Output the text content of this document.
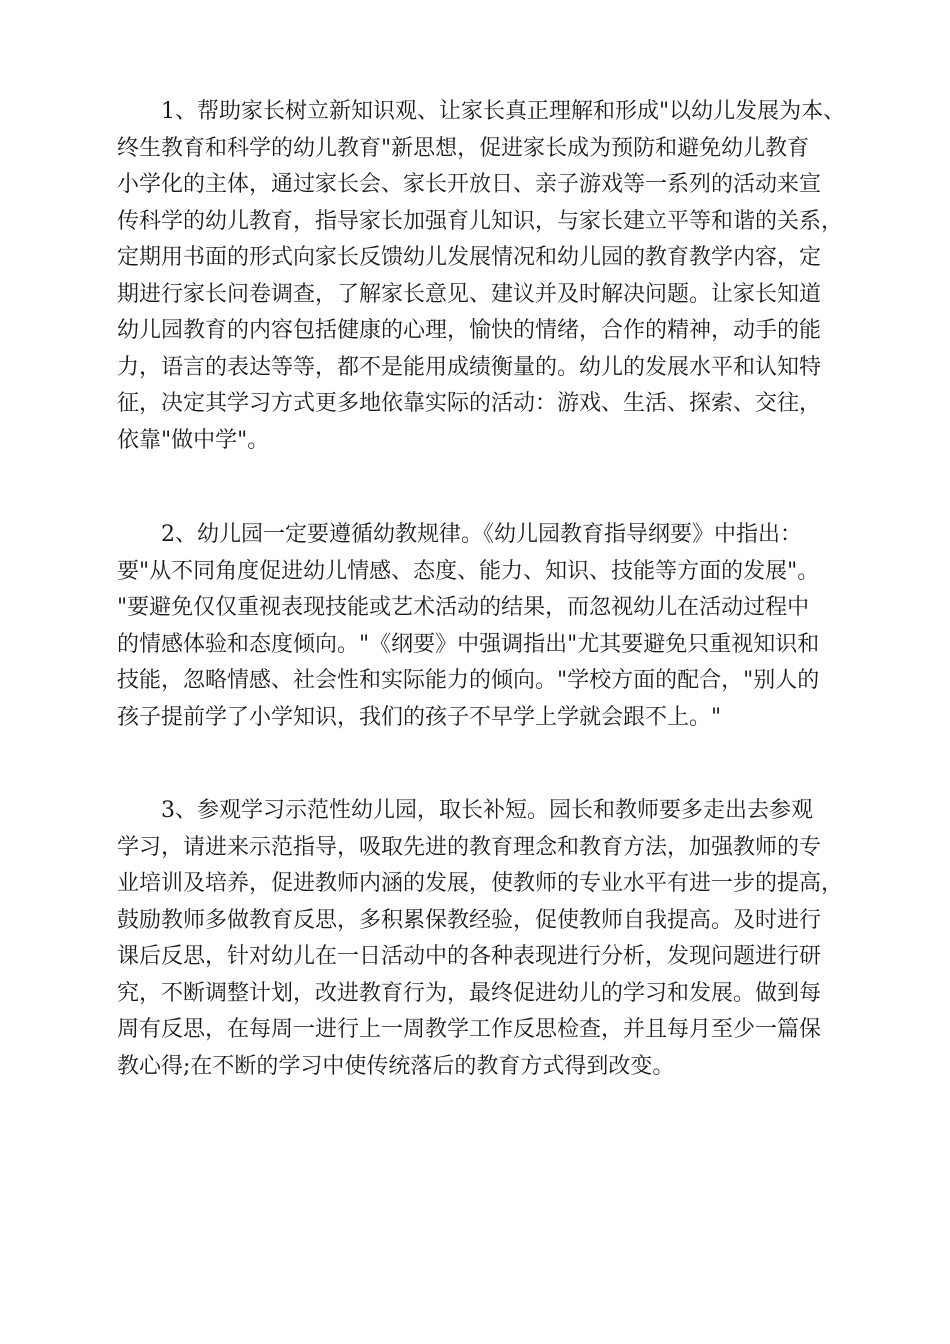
1、帮助家长树立新知识观、让家长真正理解和形成"以幼儿发展为本、
终生教育和科学的幼儿教育"新思想，促进家长成为预防和避免幼儿教育
小学化的主体，通过家长会、家长开放日、亲子游戏等一系列的活动来宣
传科学的幼儿教育，指导家长加强育儿知识，与家长建立平等和谐的关系，
定期用书面的形式向家长反馈幼儿发展情况和幼儿园的教育教学内容，定
期进行家长问卷调查，了解家长意见、建议并及时解决问题。让家长知道
幼儿园教育的内容包括健康的心理，愉快的情绪，合作的精神，动手的能
力，语言的表达等等，都不是能用成绩衡量的。幼儿的发展水平和认知特
征，决定其学习方式更多地依靠实际的活动：游戏、生活、探索、交往，
依靠"做中学"。
2、幼儿园一定要遵循幼教规律。《幼儿园教育指导纲要》中指出：
要"从不同角度促进幼儿情感、态度、能力、知识、技能等方面的发展"。
"要避免仅仅重视表现技能或艺术活动的结果，而忽视幼儿在活动过程中
的情感体验和态度倾向。"《纲要》中强调指出"尤其要避免只重视知识和
技能，忽略情感、社会性和实际能力的倾向。"学校方面的配合，"别人的
孩子提前学了小学知识，我们的孩子不早学上学就会跟不上。"
3、参观学习示范性幼儿园，取长补短。园长和教师要多走出去参观
学习，请进来示范指导，吸取先进的教育理念和教育方法，加强教师的专
业培训及培养，促进教师内涵的发展，使教师的专业水平有进一步的提高，
鼓励教师多做教育反思，多积累保教经验，促使教师自我提高。及时进行
课后反思，针对幼儿在一日活动中的各种表现进行分析，发现问题进行研
究，不断调整计划，改进教育行为，最终促进幼儿的学习和发展。做到每
周有反思，在每周一进行上一周教学工作反思检查，并且每月至少一篇保
教心得;在不断的学习中使传统落后的教育方式得到改变。
